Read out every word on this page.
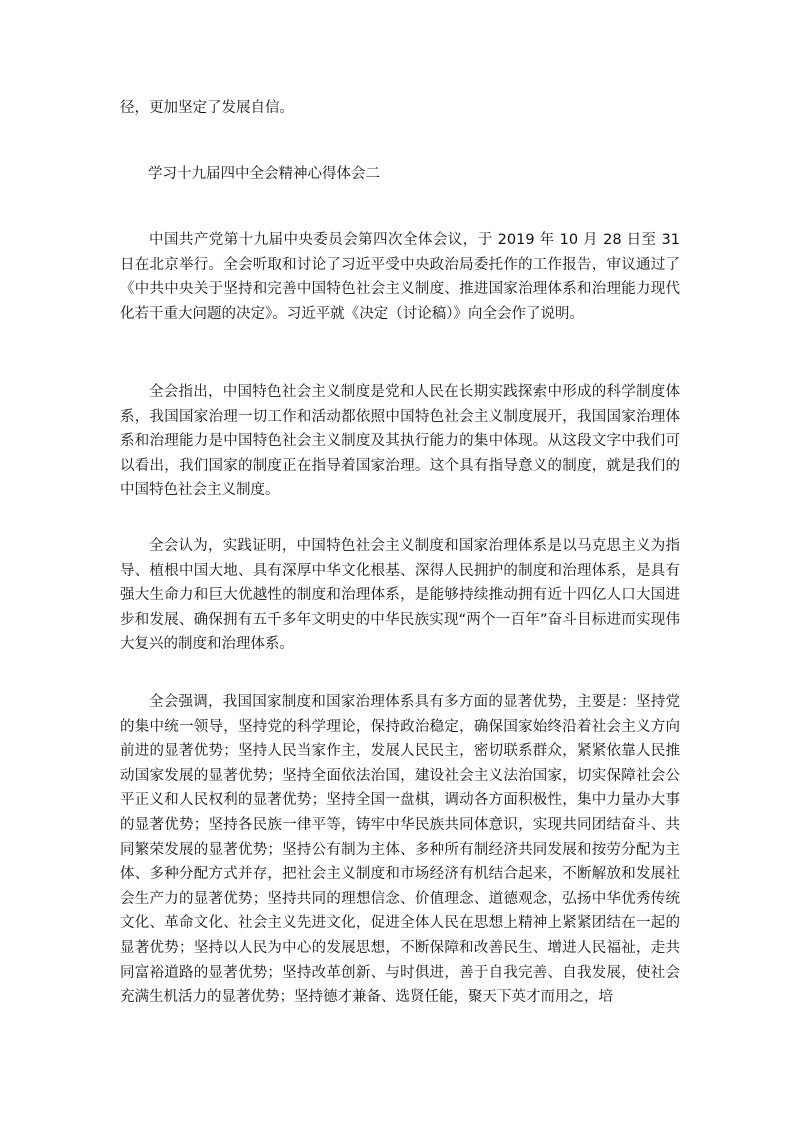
径，更加坚定了发展自信。

学习十九届四中全会精神心得体会二

中国共产党第十九届中央委员会第四次全体会议，于 2019 年 10 月 28 日至 31 日在北京举行。全会听取和讨论了习近平受中央政治局委托作的工作报告，审议通过了《中共中央关于坚持和完善中国特色社会主义制度、推进国家治理体系和治理能力现代化若干重大问题的决定》。习近平就《决定（讨论稿）》向全会作了说明。

全会指出，中国特色社会主义制度是党和人民在长期实践探索中形成的科学制度体系，我国国家治理一切工作和活动都依照中国特色社会主义制度展开，我国国家治理体系和治理能力是中国特色社会主义制度及其执行能力的集中体现。从这段文字中我们可以看出，我们国家的制度正在指导着国家治理。这个具有指导意义的制度，就是我们的中国特色社会主义制度。

全会认为，实践证明，中国特色社会主义制度和国家治理体系是以马克思主义为指导、植根中国大地、具有深厚中华文化根基、深得人民拥护的制度和治理体系，是具有强大生命力和巨大优越性的制度和治理体系，是能够持续推动拥有近十四亿人口大国进步和发展、确保拥有五千多年文明史的中华民族实现“两个一百年”奋斗目标进而实现伟大复兴的制度和治理体系。

全会强调，我国国家制度和国家治理体系具有多方面的显著优势，主要是：坚持党的集中统一领导，坚持党的科学理论，保持政治稳定，确保国家始终沿着社会主义方向前进的显著优势；坚持人民当家作主，发展人民民主，密切联系群众，紧紧依靠人民推动国家发展的显著优势；坚持全面依法治国，建设社会主义法治国家，切实保障社会公平正义和人民权利的显著优势；坚持全国一盘棋，调动各方面积极性，集中力量办大事的显著优势；坚持各民族一律平等，铸牢中华民族共同体意识，实现共同团结奋斗、共同繁荣发展的显著优势；坚持公有制为主体、多种所有制经济共同发展和按劳分配为主体、多种分配方式并存，把社会主义制度和市场经济有机结合起来，不断解放和发展社会生产力的显著优势；坚持共同的理想信念、价值理念、道德观念，弘扬中华优秀传统文化、革命文化、社会主义先进文化，促进全体人民在思想上精神上紧紧团结在一起的显著优势；坚持以人民为中心的发展思想，不断保障和改善民生、增进人民福祉，走共同富裕道路的显著优势；坚持改革创新、与时俱进，善于自我完善、自我发展，使社会充满生机活力的显著优势；坚持德才兼备、选贤任能，聚天下英才而用之，培
